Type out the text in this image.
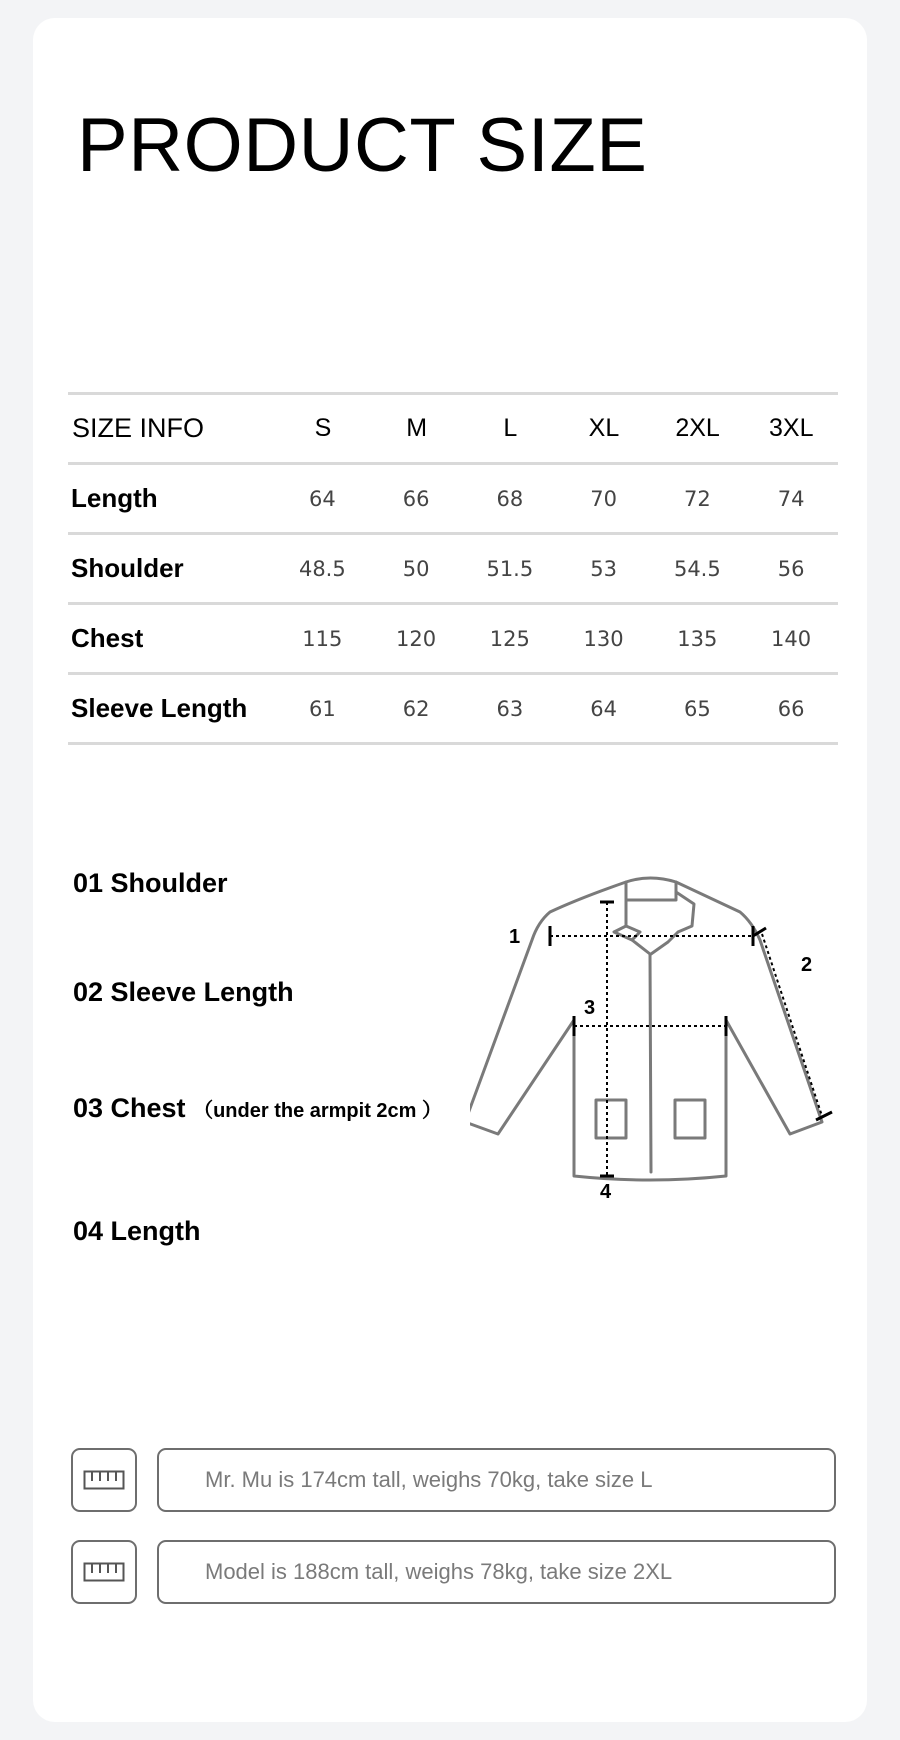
PRODUCT SIZE
SIZE INFO	S	M	L	XL	2XL	3XL
Length	64	66	68	70	72	74
Shoulder	48.5	50	51.5	53	54.5	56
Chest	115	120	125	130	135	140
Sleeve Length	61	62	63	64	65	66
01 Shoulder
02 Sleeve Length
03 Chest （under the armpit 2cm ）
04 Length
1
2
3
4
Mr. Mu is 174cm tall, weighs 70kg, take size L
Model is 188cm tall, weighs 78kg, take size 2XL
